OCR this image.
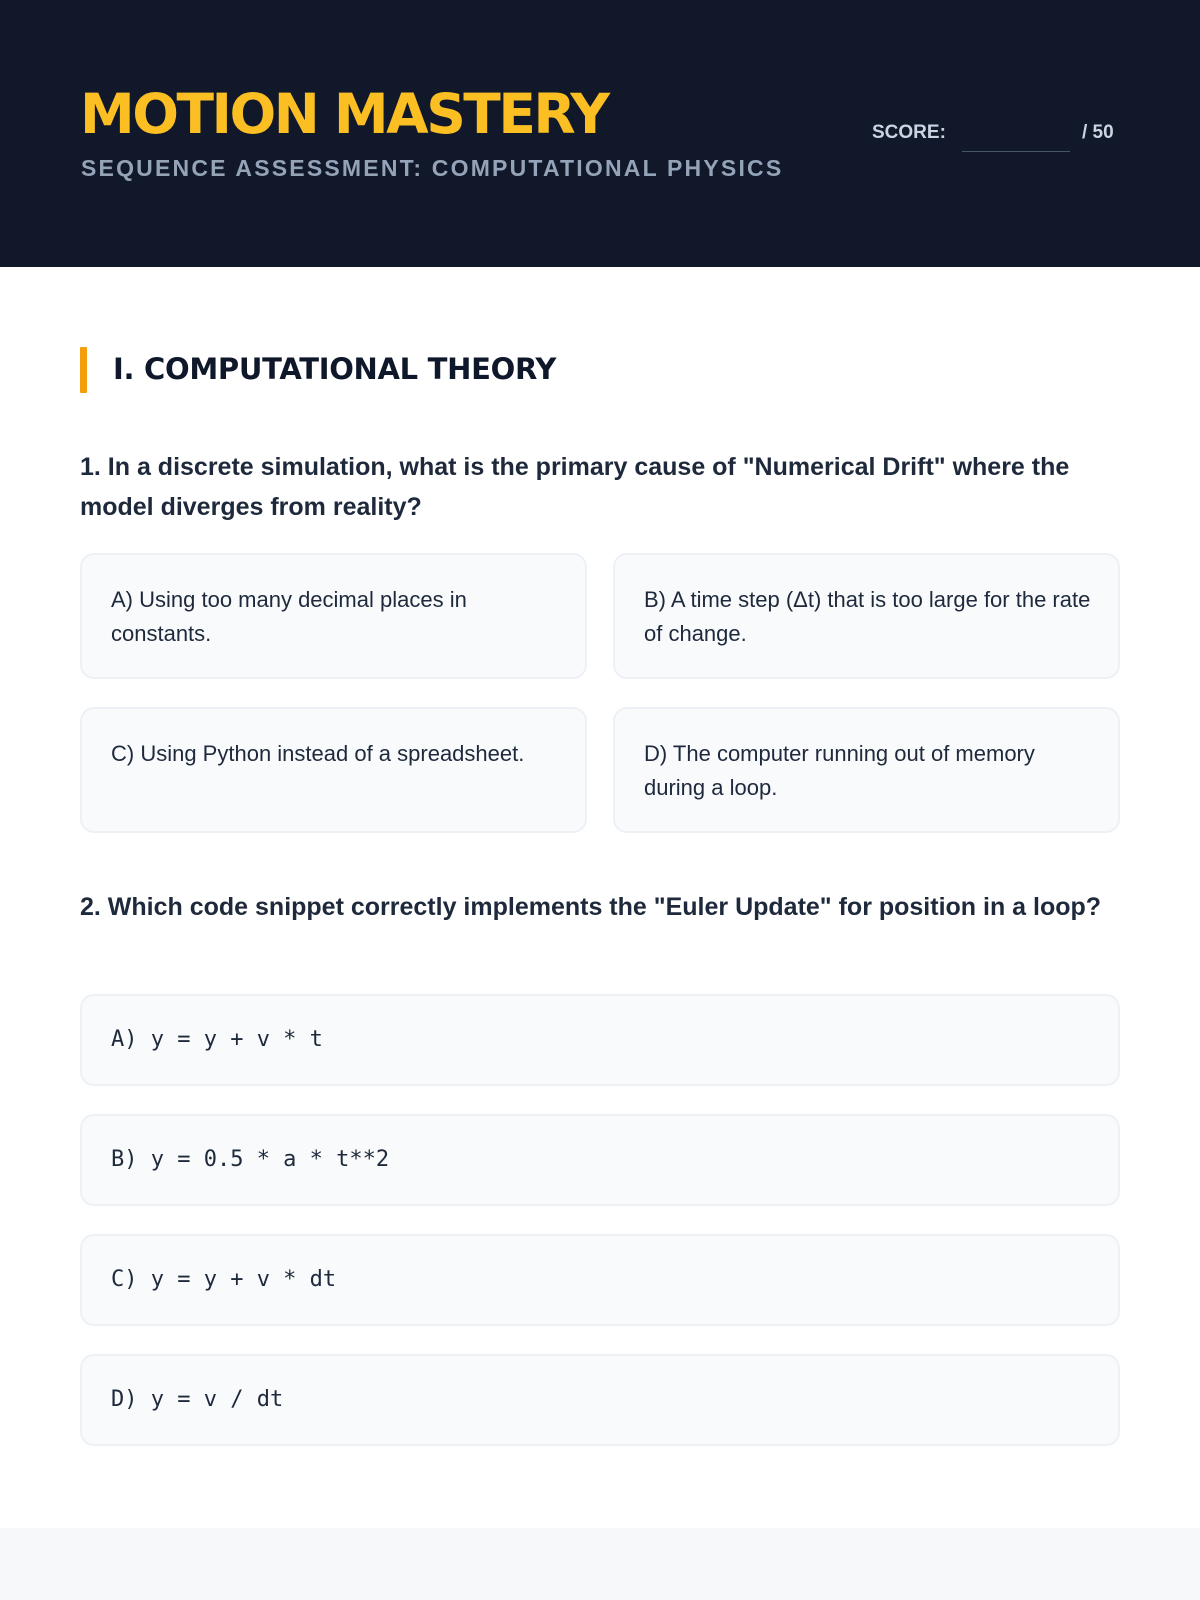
MOTION MASTERY
SEQUENCE ASSESSMENT: COMPUTATIONAL PHYSICS
SCORE:	/ 50
I. COMPUTATIONAL THEORY
1. In a discrete simulation, what is the primary cause of "Numerical Drift" where the model diverges from reality?
A) Using too many decimal places in constants.
B) A time step (Δt) that is too large for the rate of change.
C) Using Python instead of a spreadsheet.	D) The computer running out of memory during a loop.
2. Which code snippet correctly implements the "Euler Update" for position in a loop?
A) y = y + v * t
B) y = 0.5 * a * t**2
C) y = y + v * dt
D) y = v / dt
